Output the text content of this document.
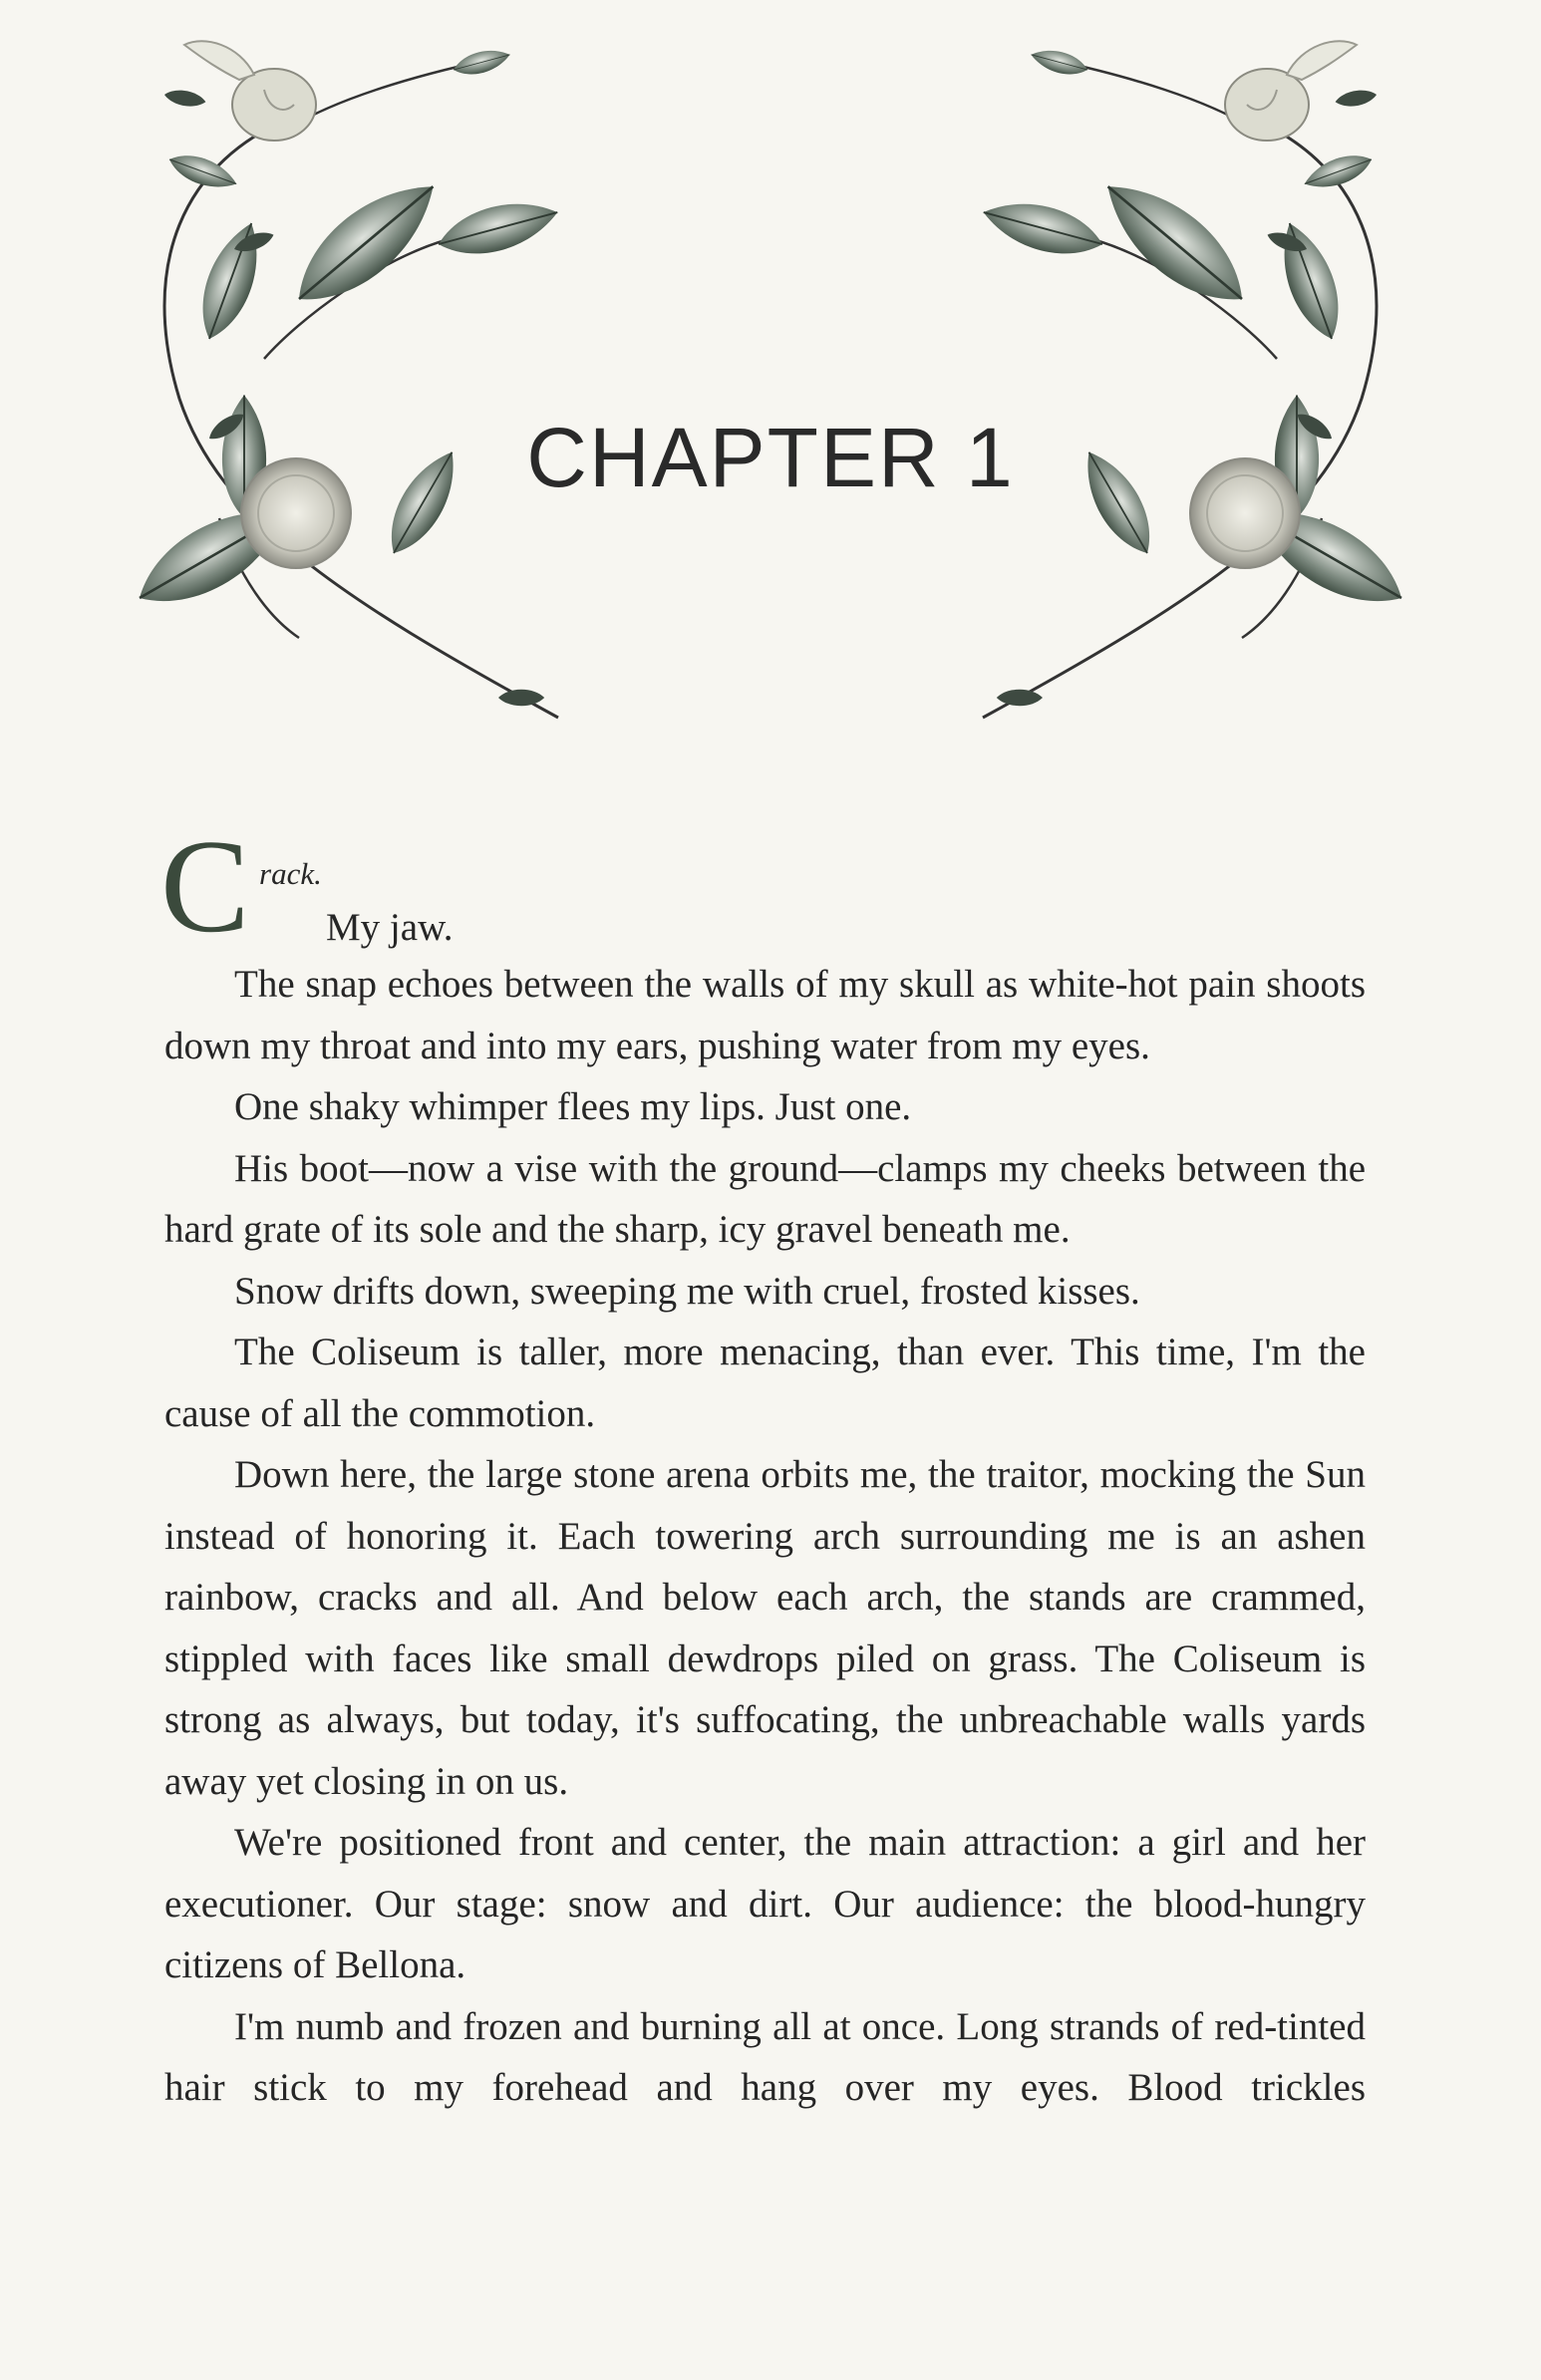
CHAPTER 1
C rack.
My jaw.

The snap echoes between the walls of my skull as white-hot pain shoots down my throat and into my ears, pushing water from my eyes.

One shaky whimper flees my lips. Just one.

His boot—now a vise with the ground—clamps my cheeks between the hard grate of its sole and the sharp, icy gravel beneath me.

Snow drifts down, sweeping me with cruel, frosted kisses.

The Coliseum is taller, more menacing, than ever. This time, I'm the cause of all the commotion.

Down here, the large stone arena orbits me, the traitor, mocking the Sun instead of honoring it. Each towering arch surrounding me is an ashen rainbow, cracks and all. And below each arch, the stands are crammed, stippled with faces like small dewdrops piled on grass. The Coliseum is strong as always, but today, it's suffocating, the unbreachable walls yards away yet closing in on us.

We're positioned front and center, the main attraction: a girl and her executioner. Our stage: snow and dirt. Our audience: the blood-hungry citizens of Bellona.

I'm numb and frozen and burning all at once. Long strands of red-tinted hair stick to my forehead and hang over my eyes. Blood trickles
